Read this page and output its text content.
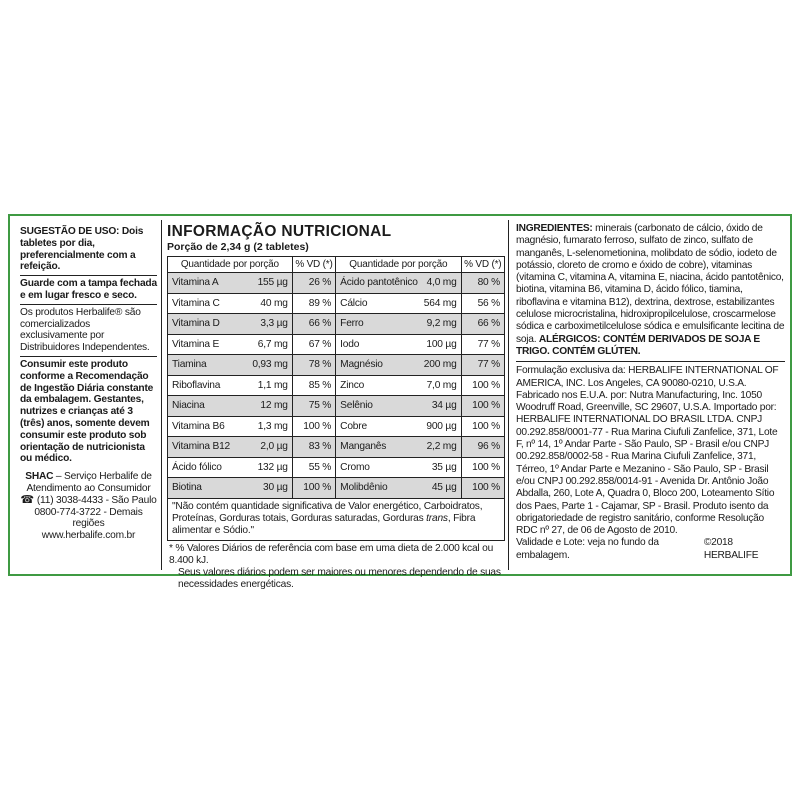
SUGESTÃO DE USO: Dois tabletes por dia, preferencialmente com a refeição.

Guarde com a tampa fechada e em lugar fresco e seco.

Os produtos Herbalife® são comercializados exclusivamente por Distribuidores Independentes.

Consumir este produto conforme a Recomendação de Ingestão Diária constante da embalagem. Gestantes, nutrizes e crianças até 3 (três) anos, somente devem consumir este produto sob orientação de nutricionista ou médico.

SHAC – Serviço Herbalife de Atendimento ao Consumidor
☎ (11) 3038-4433 - São Paulo
0800-774-3722 - Demais regiões
www.herbalife.com.br
INFORMAÇÃO NUTRICIONAL
Porção de 2,34 g (2 tabletes)
Quantidade por porção		% VD (*)	Quantidade por porção		% VD (*)
Vitamina A	155 µg	26 %	Ácido pantotênico	4,0 mg	80 %
Vitamina C	40 mg	89 %	Cálcio	564 mg	56 %
Vitamina D	3,3 µg	66 %	Ferro	9,2 mg	66 %
Vitamina E	6,7 mg	67 %	Iodo	100 µg	77 %
Tiamina	0,93 mg	78 %	Magnésio	200 mg	77 %
Riboflavina	1,1 mg	85 %	Zinco	7,0 mg	100 %
Niacina	12 mg	75 %	Selênio	34 µg	100 %
Vitamina B6	1,3 mg	100 %	Cobre	900 µg	100 %
Vitamina B12	2,0 µg	83 %	Manganês	2,2 mg	96 %
Ácido fólico	132 µg	55 %	Cromo	35 µg	100 %
Biotina	30 µg	100 %	Molibdênio	45 µg	100 %

"Não contém quantidade significativa de Valor energético, Carboidratos, Proteínas, Gorduras totais, Gorduras saturadas, Gorduras trans, Fibra alimentar e Sódio."

* % Valores Diários de referência com base em uma dieta de 2.000 kcal ou 8.400 kJ.
Seus valores diários podem ser maiores ou menores dependendo de suas necessidades energéticas.

INGREDIENTES: minerais (carbonato de cálcio, óxido de magnésio, fumarato ferroso, sulfato de zinco, sulfato de manganês, L-selenometionina, molibdato de sódio, iodeto de potássio, cloreto de cromo e óxido de cobre), vitaminas (vitamina C, vitamina A, vitamina E, niacina, ácido pantotênico, biotina, vitamina B6, vitamina D, ácido fólico, tiamina, riboflavina e vitamina B12), dextrina, dextrose, estabilizantes celulose microcristalina, hidroxipropilcelulose, croscarmelose sódica e carboximetilcelulose sódica e emulsificante lecitina de soja. ALÉRGICOS: CONTÉM DERIVADOS DE SOJA E TRIGO. CONTÉM GLÚTEN.

Formulação exclusiva da: HERBALIFE INTERNATIONAL OF AMERICA, INC. Los Angeles, CA 90080-0210, U.S.A. Fabricado nos E.U.A. por: Nutra Manufacturing, Inc. 1050 Woodruff Road, Greenville, SC 29607, U.S.A. Importado por: HERBALIFE INTERNATIONAL DO BRASIL LTDA. CNPJ 00.292.858/0001-77 - Rua Marina Ciufuli Zanfelice, 371, Lote F, nº 14, 1º Andar Parte - São Paulo, SP - Brasil e/ou CNPJ 00.292.858/0002-58 - Rua Marina Ciufuli Zanfelice, 371, Térreo, 1º Andar Parte e Mezanino - São Paulo, SP - Brasil e/ou CNPJ 00.292.858/0014-91 - Avenida Dr. Antônio João Abdalla, 260, Lote A, Quadra 0, Bloco 200, Loteamento Sítio dos Paes, Parte 1 - Cajamar, SP - Brasil. Produto isento da obrigatoriedade de registro sanitário, conforme Resolução RDC nº 27, de 06 de Agosto de 2010.

Validade e Lote: veja no fundo da embalagem.
©2018 HERBALIFE
